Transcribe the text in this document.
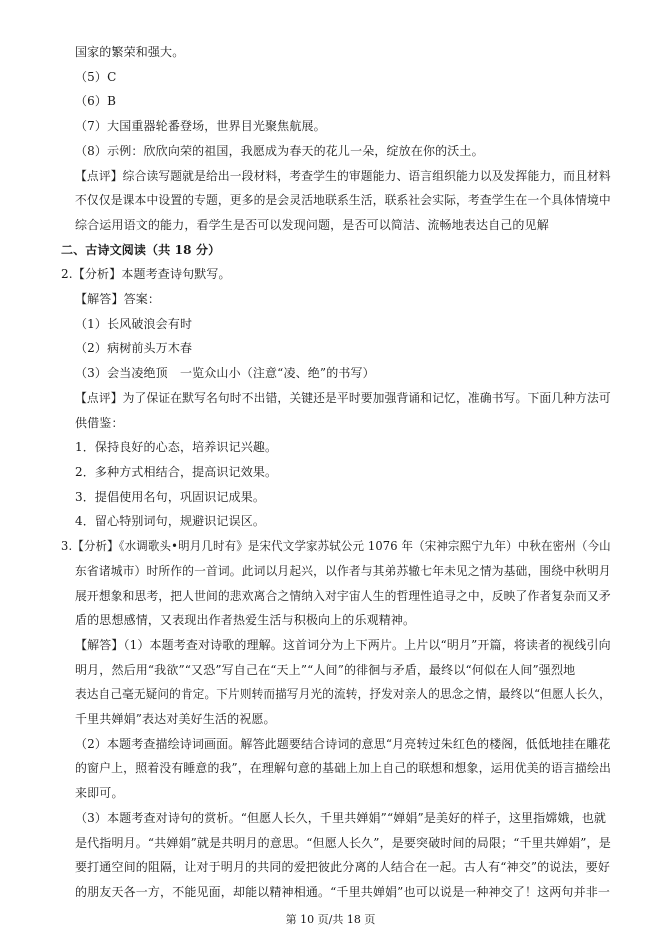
国家的繁荣和强大。
（5）C
（6）B
（7）大国重器轮番登场，世界目光聚焦航展。
（8）示例：欣欣向荣的祖国，我愿成为春天的花儿一朵，绽放在你的沃土。
【点评】综合读写题就是给出一段材料，考查学生的审题能力、语言组织能力以及发挥能力，而且材料
不仅仅是课本中设置的专题，更多的是会灵活地联系生活，联系社会实际，考查学生在一个具体情境中
综合运用语文的能力，看学生是否可以发现问题，是否可以简洁、流畅地表达自己的见解
二、古诗文阅读（共 18 分）
2.【分析】本题考查诗句默写。
【解答】答案：
（1）长风破浪会有时
（2）病树前头万木春
（3）会当凌绝顶　一览众山小（注意“凌、绝”的书写）
【点评】为了保证在默写名句时不出错，关键还是平时要加强背诵和记忆，准确书写。下面几种方法可
供借鉴：
1．保持良好的心态，培养识记兴趣。
2．多种方式相结合，提高识记效果。
3．提倡使用名句，巩固识记成果。
4．留心特别词句，规避识记误区。
3.【分析】《水调歌头•明月几时有》是宋代文学家苏轼公元 1076 年（宋神宗熙宁九年）中秋在密州（今山
东省诸城市）时所作的一首词。此词以月起兴，以作者与其弟苏辙七年未见之情为基础，围绕中秋明月
展开想象和思考，把人世间的悲欢离合之情纳入对宇宙人生的哲理性追寻之中，反映了作者复杂而又矛
盾的思想感情，又表现出作者热爱生活与积极向上的乐观精神。
【解答】（1）本题考查对诗歌的理解。这首词分为上下两片。上片以“明月”开篇，将读者的视线引向
明月，然后用“我欲”“又恐”写自己在“天上”“人间”的徘徊与矛盾，最终以“何似在人间”强烈地
表达自己毫无疑问的肯定。下片则转而描写月光的流转，抒发对亲人的思念之情，最终以“但愿人长久，
千里共婵娟”表达对美好生活的祝愿。
（2）本题考查描绘诗词画面。解答此题要结合诗词的意思“月亮转过朱红色的楼阁，低低地挂在雕花
的窗户上，照着没有睡意的我”，在理解句意的基础上加上自己的联想和想象，运用优美的语言描绘出
来即可。
（3）本题考查对诗句的赏析。“但愿人长久，千里共婵娟”“婵娟”是美好的样子，这里指嫦娥，也就
是代指明月。“共婵娟”就是共明月的意思。“但愿人长久”，是要突破时间的局限；“千里共婵娟”，是
要打通空间的阻隔，让对于明月的共同的爱把彼此分离的人结合在一起。古人有“神交”的说法，要好
的朋友天各一方，不能见面，却能以精神相通。“千里共婵娟”也可以说是一种神交了！这两句并非一
第 10 页/共 18 页
